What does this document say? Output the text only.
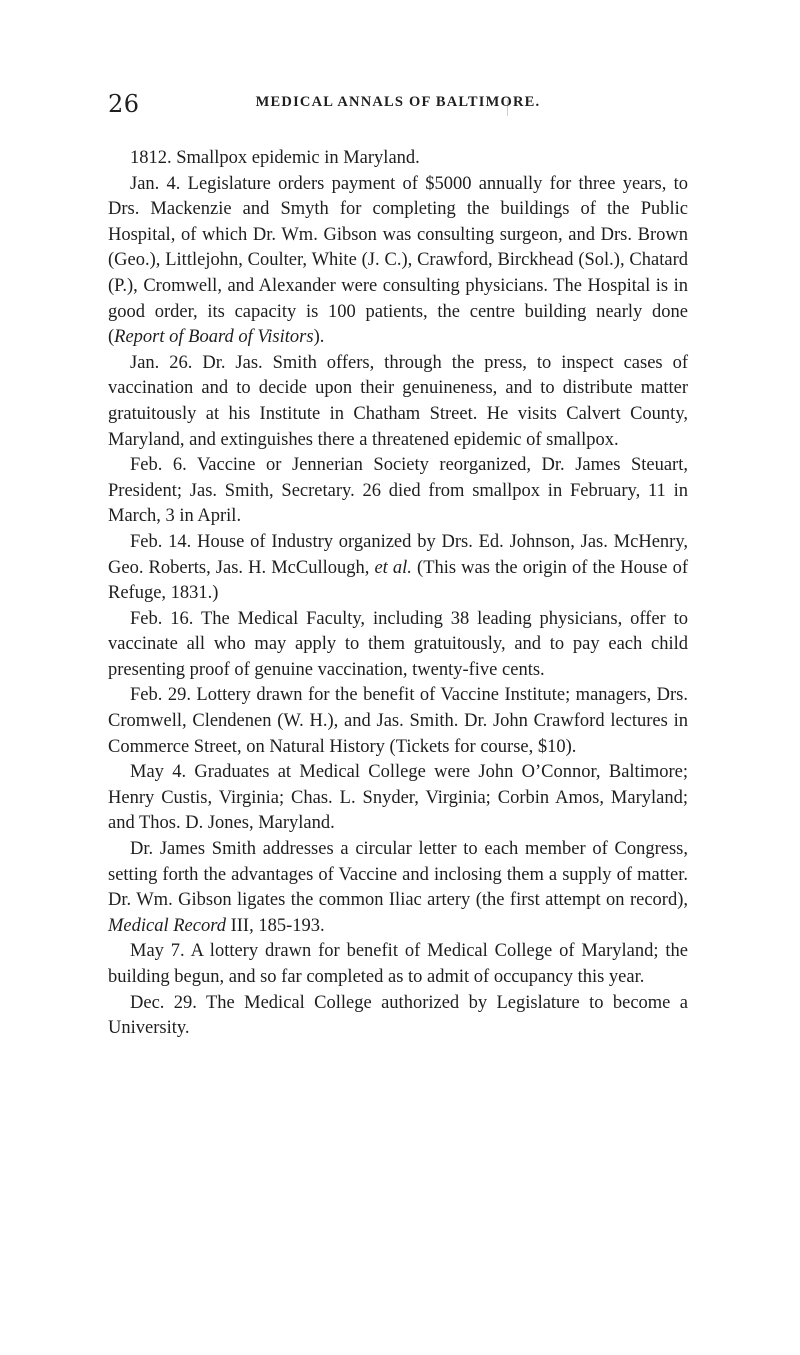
26	MEDICAL ANNALS OF BALTIMORE.

1812. Smallpox epidemic in Maryland.

Jan. 4. Legislature orders payment of $5000 annually for three years, to Drs. Mackenzie and Smyth for completing the buildings of the Public Hospital, of which Dr. Wm. Gibson was consulting surgeon, and Drs. Brown (Geo.), Littlejohn, Coulter, White (J. C.), Crawford, Birckhead (Sol.), Chatard (P.), Cromwell, and Alexander were consulting physicians. The Hospital is in good order, its capacity is 100 patients, the centre building nearly done (Report of Board of Visitors).

Jan. 26. Dr. Jas. Smith offers, through the press, to inspect cases of vaccination and to decide upon their genuineness, and to distribute matter gratuitously at his Institute in Chatham Street. He visits Calvert County, Maryland, and extinguishes there a threatened epidemic of smallpox.

Feb. 6. Vaccine or Jennerian Society reorganized, Dr. James Steuart, President; Jas. Smith, Secretary. 26 died from smallpox in February, 11 in March, 3 in April.

Feb. 14. House of Industry organized by Drs. Ed. Johnson, Jas. McHenry, Geo. Roberts, Jas. H. McCullough, et al. (This was the origin of the House of Refuge, 1831.)

Feb. 16. The Medical Faculty, including 38 leading physicians, offer to vaccinate all who may apply to them gratuitously, and to pay each child presenting proof of genuine vaccination, twenty-five cents.

Feb. 29. Lottery drawn for the benefit of Vaccine Institute; managers, Drs. Cromwell, Clendenen (W. H.), and Jas. Smith. Dr. John Crawford lectures in Commerce Street, on Natural History (Tickets for course, $10).

May 4. Graduates at Medical College were John O’Connor, Baltimore; Henry Custis, Virginia; Chas. L. Snyder, Virginia; Corbin Amos, Maryland; and Thos. D. Jones, Maryland.

Dr. James Smith addresses a circular letter to each member of Congress, setting forth the advantages of Vaccine and inclosing them a supply of matter. Dr. Wm. Gibson ligates the common Iliac artery (the first attempt on record), Medical Record III, 185-193.

May 7. A lottery drawn for benefit of Medical College of Maryland; the building begun, and so far completed as to admit of occupancy this year.

Dec. 29. The Medical College authorized by Legislature to become a University.
